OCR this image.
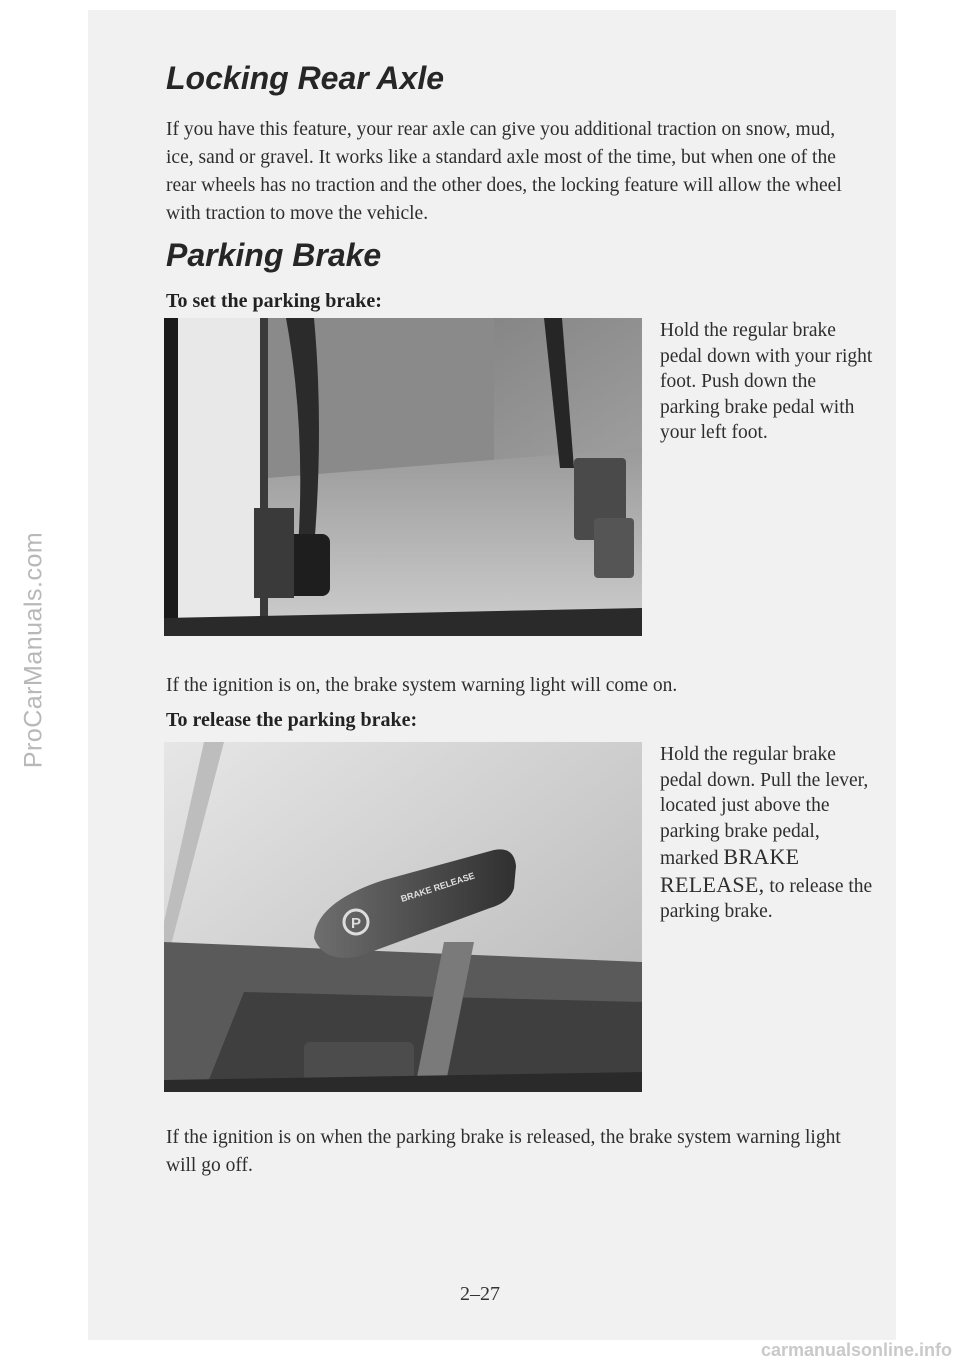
ProCarManuals.com
Locking Rear Axle

If you have this feature, your rear axle can give you additional traction on snow, mud, ice, sand or gravel. It works like a standard axle most of the time, but when one of the rear wheels has no traction and the other does, the locking feature will allow the wheel with traction to move the vehicle.

Parking Brake

To set the parking brake:

Hold the regular brake pedal down with your right foot. Push down the parking brake pedal with your left foot.

If the ignition is on, the brake system warning light will come on.

To release the parking brake:

P
BRAKE RELEASE

Hold the regular brake pedal down. Pull the lever, located just above the parking brake pedal, marked BRAKE RELEASE, to release the parking brake.

If the ignition is on when the parking brake is released, the brake system warning light will go off.

2–27
carmanualsonline.info
